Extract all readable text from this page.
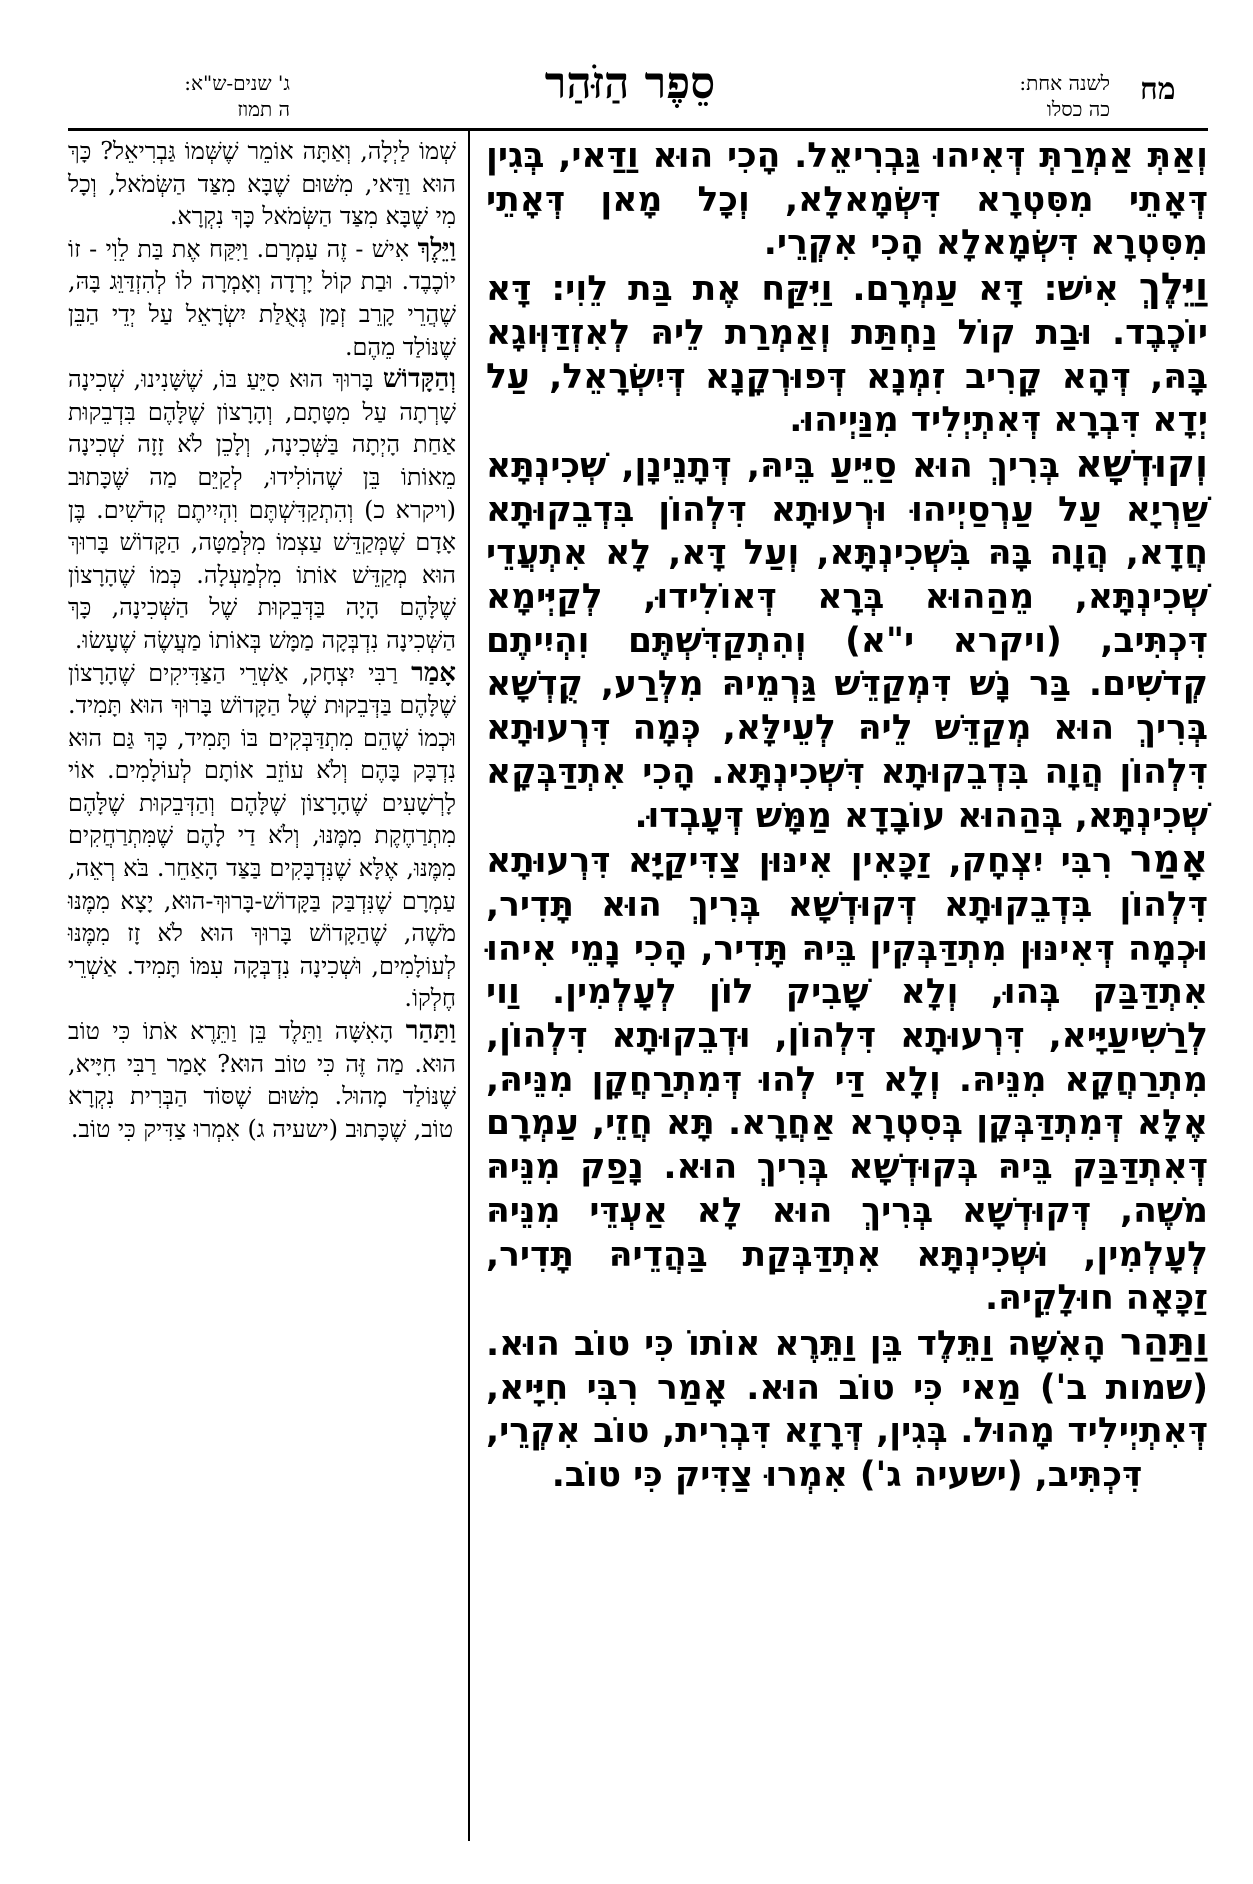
מח
לשנה אחת:
כה כסלו
סֵפֶר הַזֹּהַר
ג' שנים-ש"א:
ה תמוז

וְאַתְּ אַמְרַתְּ דְּאִיהוּ גַּבְרִיאֵל. הָכִי הוּא וַדַּאי, בְּגִין דְּאָתֵי מִסִּטְרָא דִּשְׂמָאלָא, וְכָל מָאן דְּאָתֵי מִסִּטְרָא דִּשְׂמָאלָא הָכִי אִקְרֵי.

וַיֵּלֶךְ אִישׁ: דָּא עַמְרָם. וַיִּקַּח אֶת בַּת לֵוִי: דָּא יוֹכֶבֶד. וּבַת קוֹל נַחְתַּת וְאַמְרַת לֵיהּ לְאִזְדַּוְּוגָא בָּהּ, דְּהָא קָרִיב זִמְנָא דְּפוּרְקָנָא דְּיִשְׂרָאֵל, עַל יְדָא דִּבְרָא דְּאִתְיְלִיד מִנַּיְיהוּ.

וְקוּדְשָׁא בְּרִיךְ הוּא סַיֵּיעַ בֵּיהּ, דְּתָנֵינָן, שְׁכִינְתָּא שַׁרְיָא עַל עַרְסַיְיהוּ וּרְעוּתָא דִּלְהוֹן בִּדְבֵקוּתָא חֲדָא, הֲוָה בָּהּ בִּשְׁכִינְתָּא, וְעַל דָּא, לָא אִתְעֲדֵי שְׁכִינְתָּא, מֵהַהוּא בְּרָא דְּאוֹלִידוּ, לְקַיְּימָא דִּכְתִּיב, (ויקרא י"א) וְהִתְקַדִּשְׁתֶּם וִהְיִיתֶם קְדֹשִׁים. בַּר נָשׁ דִּמְקַדֵּשׁ גַּרְמֵיהּ מִלְּרַע, קֻדְשָׁא בְּרִיךְ הוּא מְקַדֵּשׁ לֵיהּ לְעֵילָּא, כְּמָה דִּרְעוּתָא דִּלְהוֹן הֲוָה בִּדְבֵקוּתָא דִּשְׁכִינְתָּא. הָכִי אִתְדַּבְּקָא שְׁכִינְתָּא, בְּהַהוּא עוֹבָדָא מַמָּשׁ דְּעָבְדוּ.

אָמַר רִבִּי יִצְחָק, זַכָּאִין אִינּוּן צַדִּיקַיָּא דִּרְעוּתָא דִּלְהוֹן בִּדְבֵקוּתָא דְּקוּדְשָׁא בְּרִיךְ הוּא תָּדִיר, וּכְמָה דְּאִינּוּן מִתְדַּבְּקִין בֵּיהּ תָּדִיר, הָכִי נָמֵי אִיהוּ אִתְדַּבַּק בְּהוּ, וְלָא שָׁבִיק לוֹן לְעָלְמִין. וַוי לְרַשִׁיעַיָּיא, דִּרְעוּתָא דִּלְהוֹן, וּדְבֵקוּתָא דִּלְהוֹן, מִתְרַחֲקָא מִנֵּיהּ. וְלָא דַּי לְהוּ דְּמִתְרַחֲקָן מִנֵּיהּ, אֶלָּא דְּמִתְדַּבְּקָן בְּסִטְרָא אַחֲרָא. תָּא חֲזֵי, עַמְרָם דְּאִתְדַּבַּק בֵּיהּ בְּקוּדְשָׁא בְּרִיךְ הוּא. נָפַק מִנֵּיהּ מֹשֶׁה, דְּקוּדְשָׁא בְּרִיךְ הוּא לָא אַעְדֵּי מִנֵּיהּ לְעָלְמִין, וּשְׁכִינְתָּא אִתְדַּבְּקַת בַּהֲדֵיהּ תָּדִיר, זַכָּאָה חוּלָקֵיהּ.

וַתַּהַר הָאִשָּׁה וַתֵּלֶד בֵּן וַתֵּרֶא אוֹתוֹ כִּי טוֹב הוּא. (שמות ב') מַאי כִּי טוֹב הוּא. אָמַר רִבִּי חִיָּיא, דְּאִתְיְילִיד מָהוּל. בְּגִין, דְּרָזָא דִּבְרִית, טוֹב אִקְרֵי, דִּכְתִּיב, (ישעיה ג') אִמְרוּ צַדִּיק כִּי טוֹב.

שְׁמוֹ לַיְלָה, וְאַתָּה אוֹמֵר שֶׁשְּׁמוֹ גַּבְרִיאֵל? כָּךְ הוּא וַדַּאי, מִשּׁוּם שֶׁבָּא מִצַּד הַשְּׂמֹאל, וְכָל מִי שֶׁבָּא מִצַּד הַשְּׂמֹאל כָּךְ נִקְרָא.

וַיֵּלֶךְ אִישׁ - זֶה עַמְרָם. וַיִּקַּח אֶת בַּת לֵוִי - זוֹ יוֹכֶבֶד. וּבַת קוֹל יָרְדָה וְאָמְרָה לוֹ לְהִזְדַּוֵּג בָּהּ, שֶׁהֲרֵי קָרֵב זְמַן גְּאֻלַּת יִשְׂרָאֵל עַל יְדֵי הַבֵּן שֶׁנּוֹלַד מֵהֶם.

וְהַקָּדוֹשׁ בָּרוּךְ הוּא סִיֵּעַ בּוֹ, שֶׁשָּׁנִינוּ, שְׁכִינָה שָׁרְתָה עַל מִטָּתָם, וְהָרָצוֹן שֶׁלָּהֶם בִּדְבֵקוּת אַחַת הָיְתָה בַּשְּׁכִינָה, וְלָכֵן לֹא זָזָה שְׁכִינָה מֵאוֹתוֹ בֵּן שֶׁהוֹלִידוּ, לְקַיֵּם מַה שֶּׁכָּתוּב (ויקרא כ) וְהִתְקַדִּשְׁתֶּם וִהְיִיתֶם קְדֹשִׁים. בֶּן אָדָם שֶׁמְּקַדֵּשׁ עַצְמוֹ מִלְּמַטָּה, הַקָּדוֹשׁ בָּרוּךְ הוּא מְקַדֵּשׁ אוֹתוֹ מִלְמַעְלָה. כְּמוֹ שֶׁהָרָצוֹן שֶׁלָּהֶם הָיָה בַּדְּבֵקוּת שֶׁל הַשְּׁכִינָה, כָּךְ הַשְּׁכִינָה נִדְבְּקָה מַמָּשׁ בְּאוֹתוֹ מַעֲשֶׂה שֶׁעָשׂוּ.

אָמַר רַבִּי יִצְחָק, אַשְׁרֵי הַצַּדִּיקִים שֶׁהָרָצוֹן שֶׁלָּהֶם בַּדְּבֵקוּת שֶׁל הַקָּדוֹשׁ בָּרוּךְ הוּא תָּמִיד. וּכְמוֹ שֶׁהֵם מִתְדַּבְּקִים בּוֹ תָּמִיד, כָּךְ גַּם הוּא נִדְבָּק בָּהֶם וְלֹא עוֹזֵב אוֹתָם לְעוֹלָמִים. אוֹי לָרְשָׁעִים שֶׁהָרָצוֹן שֶׁלָּהֶם וְהַדְּבֵקוּת שֶׁלָּהֶם מִתְרַחֶקֶת מִמֶּנּוּ, וְלֹא דַי לָהֶם שֶׁמִּתְרַחֲקִים מִמֶּנּוּ, אֶלָּא שֶׁנִּדְבָּקִים בַּצַּד הָאַחֵר. בֹּא רְאֵה, עַמְרָם שֶׁנִּדְבַּק בַּקָּדוֹשׁ-בָּרוּךְ-הוּא, יָצָא מִמֶּנּוּ מֹשֶׁה, שֶׁהַקָּדוֹשׁ בָּרוּךְ הוּא לֹא זָז מִמֶּנּוּ לְעוֹלָמִים, וּשְׁכִינָה נִדְבְּקָה עִמּוֹ תָּמִיד. אַשְׁרֵי חֶלְקוֹ.

וַתַּהַר הָאִשָּׁה וַתֵּלֶד בֵּן וַתֵּרֶא אֹתוֹ כִּי טוֹב הוּא. מַה זֶּה כִּי טוֹב הוּא? אָמַר רַבִּי חִיָּיא, שֶׁנּוֹלַד מָהוּל. מִשּׁוּם שֶׁסּוֹד הַבְּרִית נִקְרָא טוֹב, שֶׁכָּתוּב (ישעיה ג) אִמְרוּ צַדִּיק כִּי טוֹב.
